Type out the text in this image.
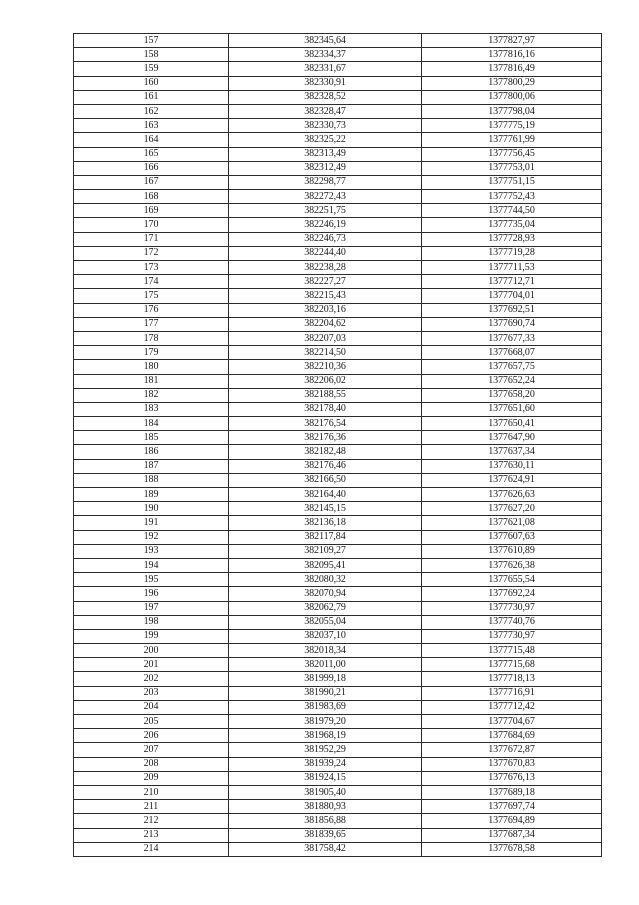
157	382345,64	1377827,97
158	382334,37	1377816,16
159	382331,67	1377816,49
160	382330,91	1377800,29
161	382328,52	1377800,06
162	382328,47	1377798,04
163	382330,73	1377775,19
164	382325,22	1377761,99
165	382313,49	1377756,45
166	382312,49	1377753,01
167	382298,77	1377751,15
168	382272,43	1377752,43
169	382251,75	1377744,50
170	382246,19	1377735,04
171	382246,73	1377728,93
172	382244,40	1377719,28
173	382238,28	1377711,53
174	382227,27	1377712,71
175	382215,43	1377704,01
176	382203,16	1377692,51
177	382204,62	1377690,74
178	382207,03	1377677,33
179	382214,50	1377668,07
180	382210,36	1377657,75
181	382206,02	1377652,24
182	382188,55	1377658,20
183	382178,40	1377651,60
184	382176,54	1377650,41
185	382176,36	1377647,90
186	382182,48	1377637,34
187	382176,46	1377630,11
188	382166,50	1377624,91
189	382164,40	1377626,63
190	382145,15	1377627,20
191	382136,18	1377621,08
192	382117,84	1377607,63
193	382109,27	1377610,89
194	382095,41	1377626,38
195	382080,32	1377655,54
196	382070,94	1377692,24
197	382062,79	1377730,97
198	382055,04	1377740,76
199	382037,10	1377730,97
200	382018,34	1377715,48
201	382011,00	1377715,68
202	381999,18	1377718,13
203	381990,21	1377716,91
204	381983,69	1377712,42
205	381979,20	1377704,67
206	381968,19	1377684,69
207	381952,29	1377672,87
208	381939,24	1377670,83
209	381924,15	1377676,13
210	381905,40	1377689,18
211	381880,93	1377697,74
212	381856,88	1377694,89
213	381839,65	1377687,34
214	381758,42	1377678,58
